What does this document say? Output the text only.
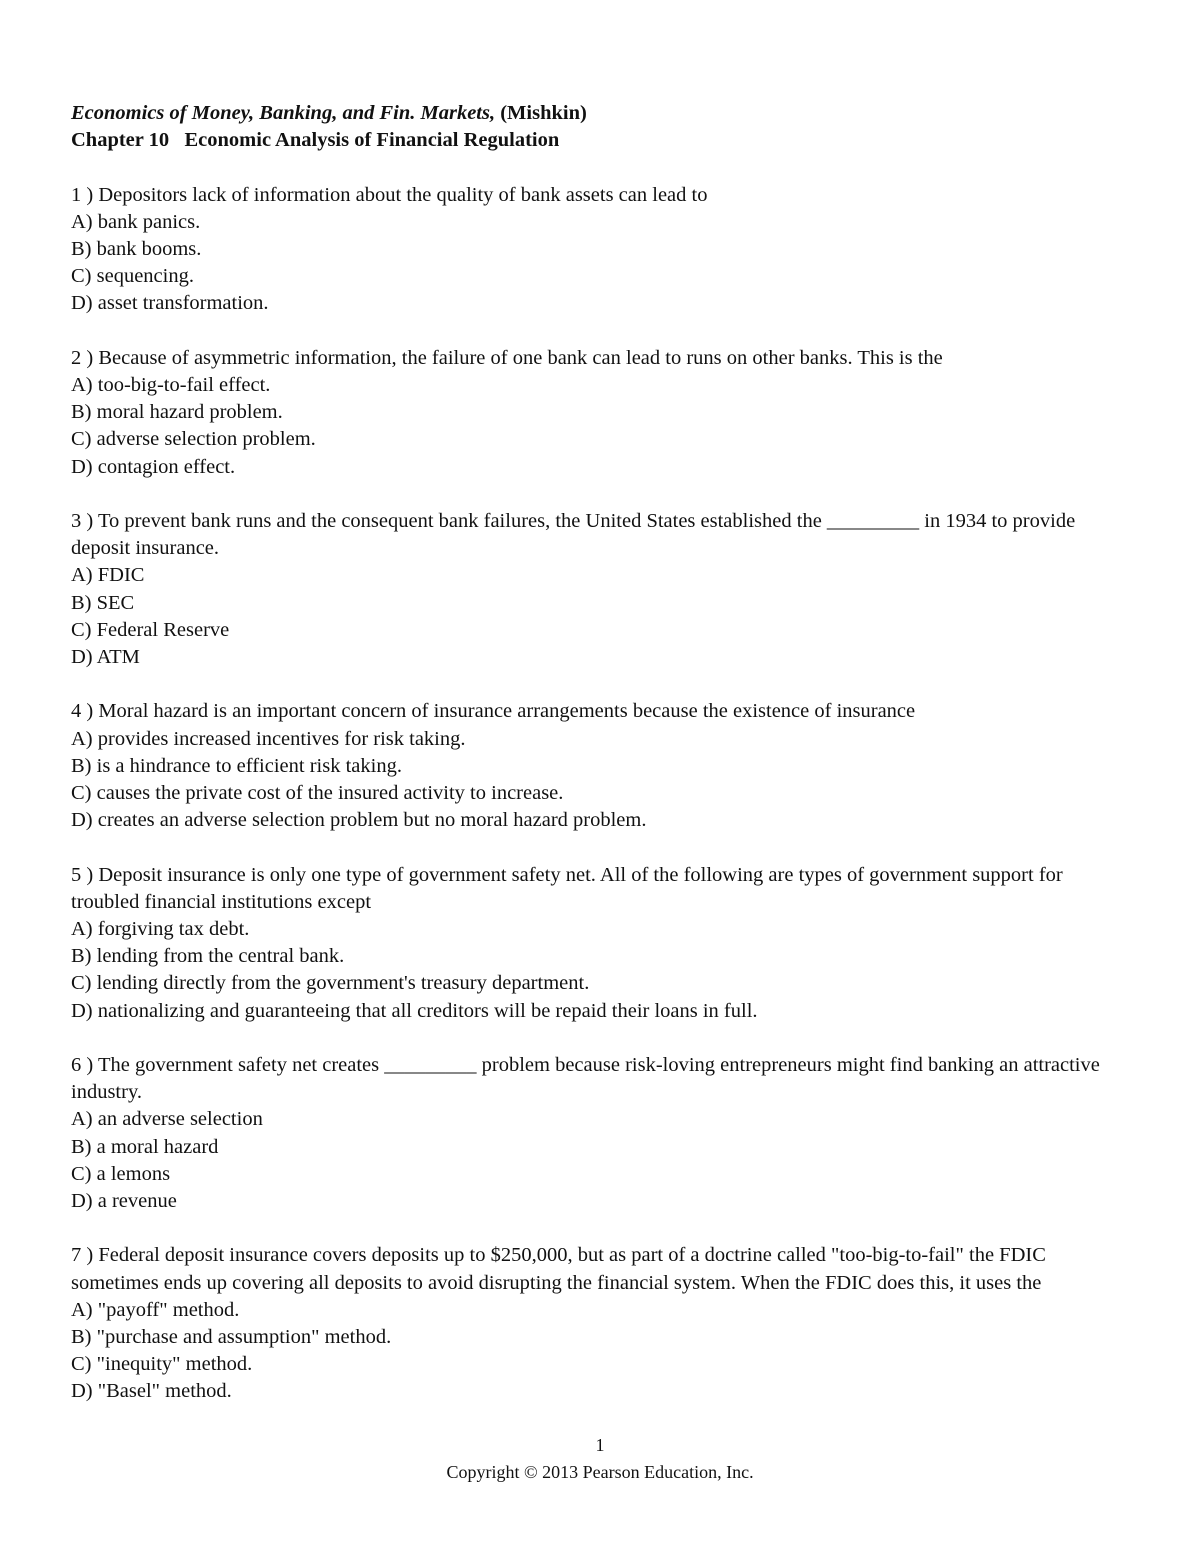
Economics of Money, Banking, and Fin. Markets, (Mishkin)
Chapter 10   Economic Analysis of Financial Regulation
1 ) Depositors lack of information about the quality of bank assets can lead to
A) bank panics.
B) bank booms.
C) sequencing.
D) asset transformation.
2 ) Because of asymmetric information, the failure of one bank can lead to runs on other banks. This is the
A) too-big-to-fail effect.
B) moral hazard problem.
C) adverse selection problem.
D) contagion effect.
3 ) To prevent bank runs and the consequent bank failures, the United States established the _________ in 1934 to provide deposit insurance.
A) FDIC
B) SEC
C) Federal Reserve
D) ATM
4 ) Moral hazard is an important concern of insurance arrangements because the existence of insurance
A) provides increased incentives for risk taking.
B) is a hindrance to efficient risk taking.
C) causes the private cost of the insured activity to increase.
D) creates an adverse selection problem but no moral hazard problem.
5 ) Deposit insurance is only one type of government safety net. All of the following are types of government support for troubled financial institutions except
A) forgiving tax debt.
B) lending from the central bank.
C) lending directly from the government's treasury department.
D) nationalizing and guaranteeing that all creditors will be repaid their loans in full.
6 ) The government safety net creates _________ problem because risk-loving entrepreneurs might find banking an attractive industry.
A) an adverse selection
B) a moral hazard
C) a lemons
D) a revenue
7 ) Federal deposit insurance covers deposits up to $250,000, but as part of a doctrine called "too-big-to-fail" the FDIC sometimes ends up covering all deposits to avoid disrupting the financial system. When the FDIC does this, it uses the
A) "payoff" method.
B) "purchase and assumption" method.
C) "inequity" method.
D) "Basel" method.
1
Copyright © 2013 Pearson Education, Inc.
